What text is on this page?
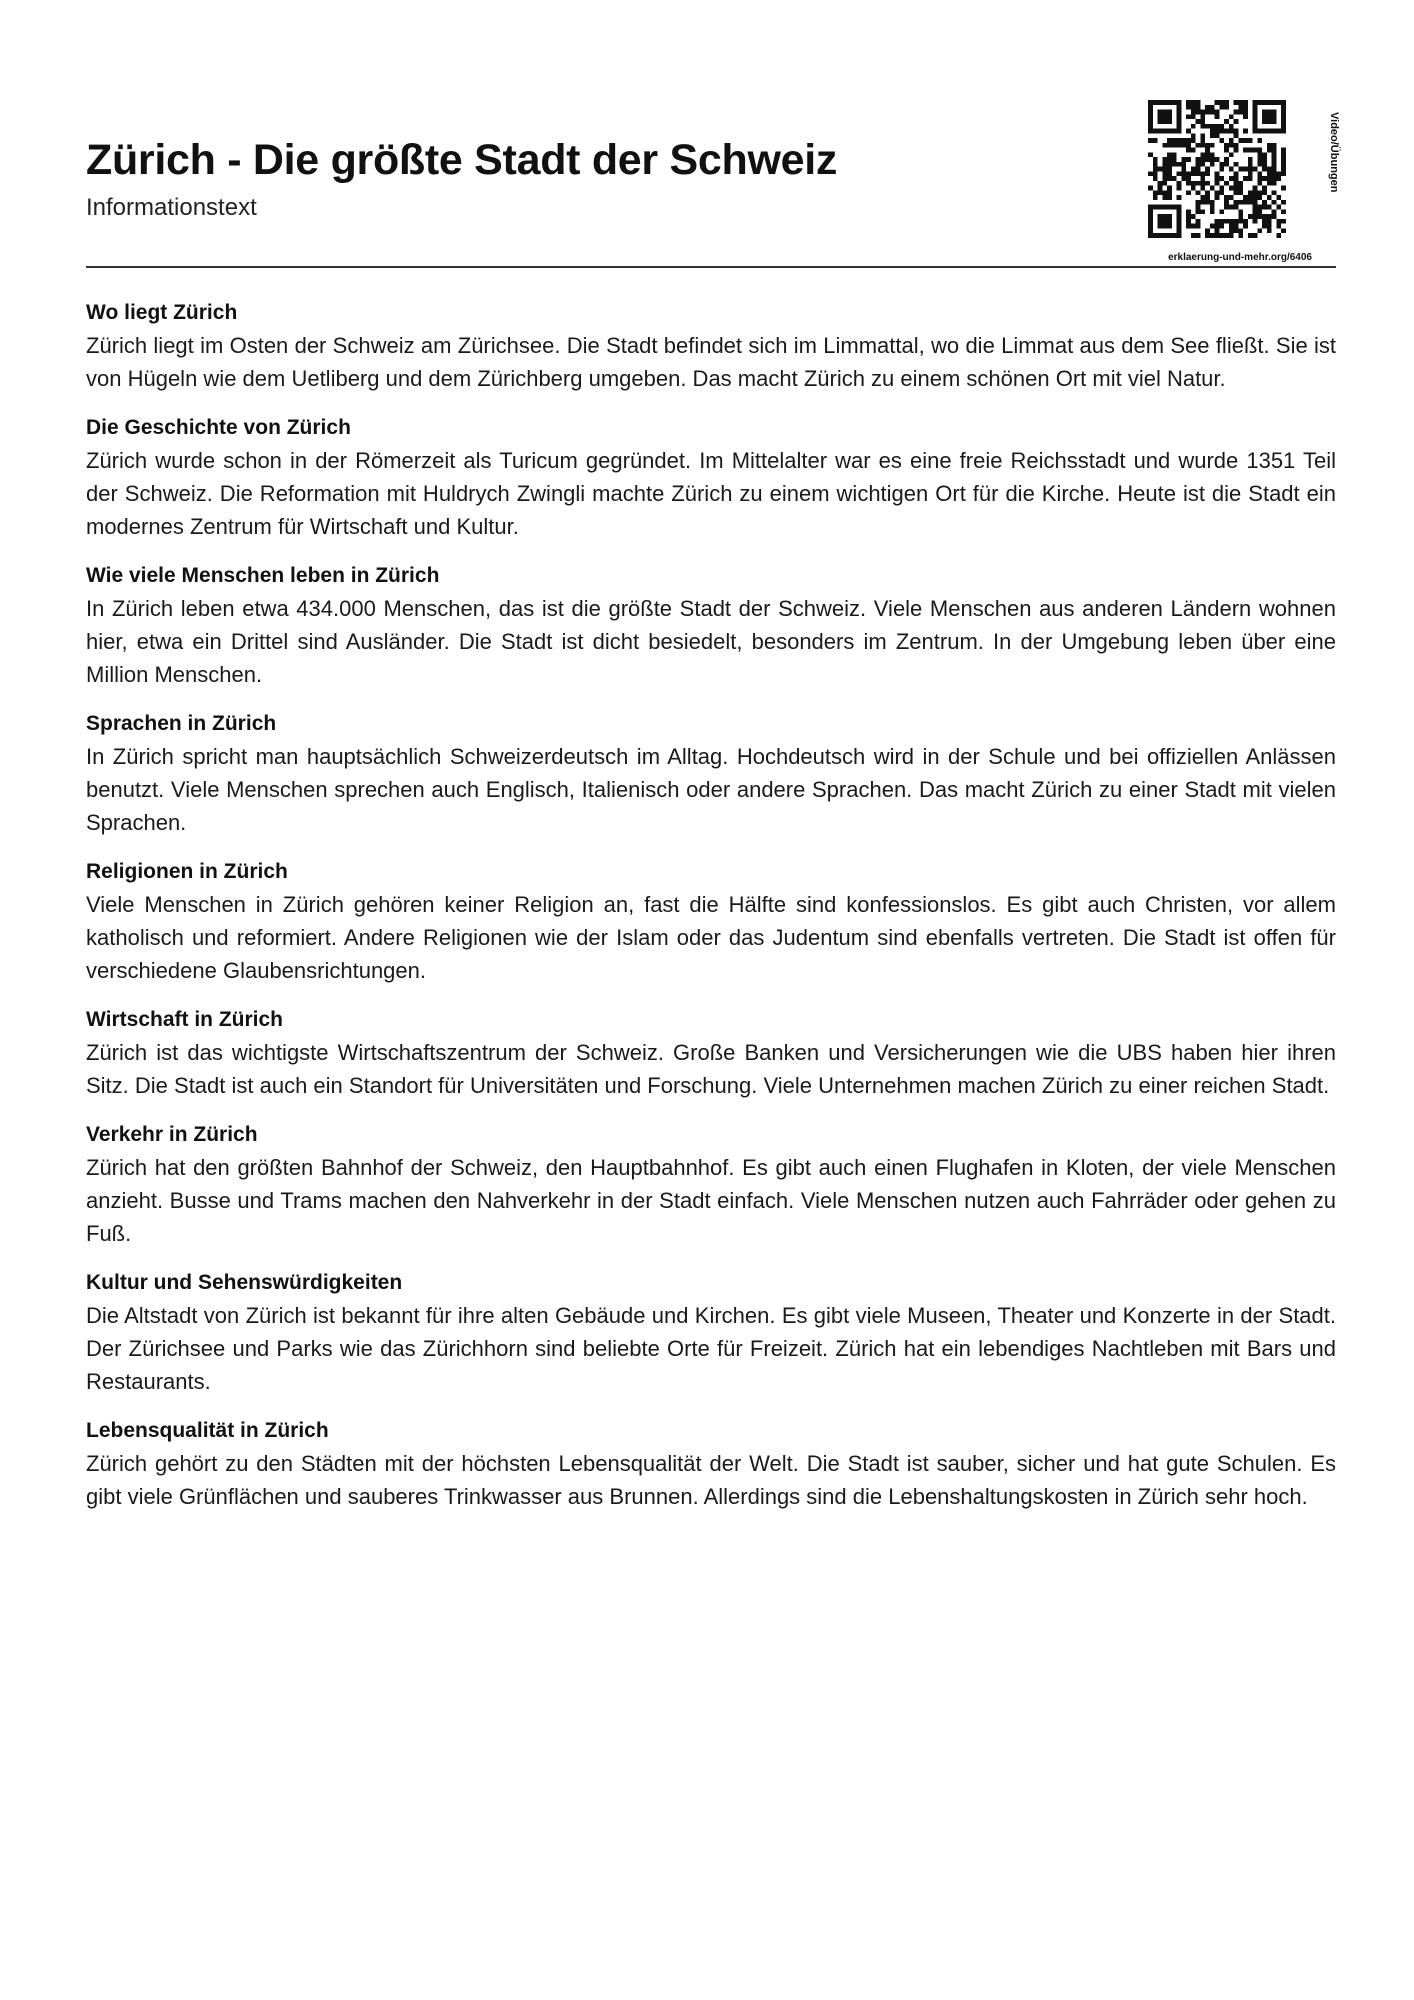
Zürich - Die größte Stadt der Schweiz
Informationstext
Video/Übungen
erklaerung-und-mehr.org/6406
Wo liegt Zürich

Zürich liegt im Osten der Schweiz am Zürichsee. Die Stadt befindet sich im Limmattal, wo die Limmat aus dem See fließt. Sie ist von Hügeln wie dem Uetliberg und dem Zürichberg umgeben. Das macht Zürich zu einem schönen Ort mit viel Natur.

Die Geschichte von Zürich

Zürich wurde schon in der Römerzeit als Turicum gegründet. Im Mittelalter war es eine freie Reichsstadt und wurde 1351 Teil der Schweiz. Die Reformation mit Huldrych Zwingli machte Zürich zu einem wichtigen Ort für die Kirche. Heute ist die Stadt ein modernes Zentrum für Wirtschaft und Kultur.

Wie viele Menschen leben in Zürich

In Zürich leben etwa 434.000 Menschen, das ist die größte Stadt der Schweiz. Viele Menschen aus anderen Ländern wohnen hier, etwa ein Drittel sind Ausländer. Die Stadt ist dicht besiedelt, besonders im Zentrum. In der Umgebung leben über eine Million Menschen.

Sprachen in Zürich

In Zürich spricht man hauptsächlich Schweizerdeutsch im Alltag. Hochdeutsch wird in der Schule und bei offiziellen Anlässen benutzt. Viele Menschen sprechen auch Englisch, Italienisch oder andere Sprachen. Das macht Zürich zu einer Stadt mit vielen Sprachen.

Religionen in Zürich

Viele Menschen in Zürich gehören keiner Religion an, fast die Hälfte sind konfessionslos. Es gibt auch Christen, vor allem katholisch und reformiert. Andere Religionen wie der Islam oder das Judentum sind ebenfalls vertreten. Die Stadt ist offen für verschiedene Glaubensrichtungen.

Wirtschaft in Zürich

Zürich ist das wichtigste Wirtschaftszentrum der Schweiz. Große Banken und Versicherungen wie die UBS haben hier ihren Sitz. Die Stadt ist auch ein Standort für Universitäten und Forschung. Viele Unternehmen machen Zürich zu einer reichen Stadt.

Verkehr in Zürich

Zürich hat den größten Bahnhof der Schweiz, den Hauptbahnhof. Es gibt auch einen Flughafen in Kloten, der viele Menschen anzieht. Busse und Trams machen den Nahverkehr in der Stadt einfach. Viele Menschen nutzen auch Fahrräder oder gehen zu Fuß.

Kultur und Sehenswürdigkeiten

Die Altstadt von Zürich ist bekannt für ihre alten Gebäude und Kirchen. Es gibt viele Museen, Theater und Konzerte in der Stadt. Der Zürichsee und Parks wie das Zürichhorn sind beliebte Orte für Freizeit. Zürich hat ein lebendiges Nachtleben mit Bars und Restaurants.

Lebensqualität in Zürich

Zürich gehört zu den Städten mit der höchsten Lebensqualität der Welt. Die Stadt ist sauber, sicher und hat gute Schulen. Es gibt viele Grünflächen und sauberes Trinkwasser aus Brunnen. Allerdings sind die Lebenshaltungskosten in Zürich sehr hoch.
